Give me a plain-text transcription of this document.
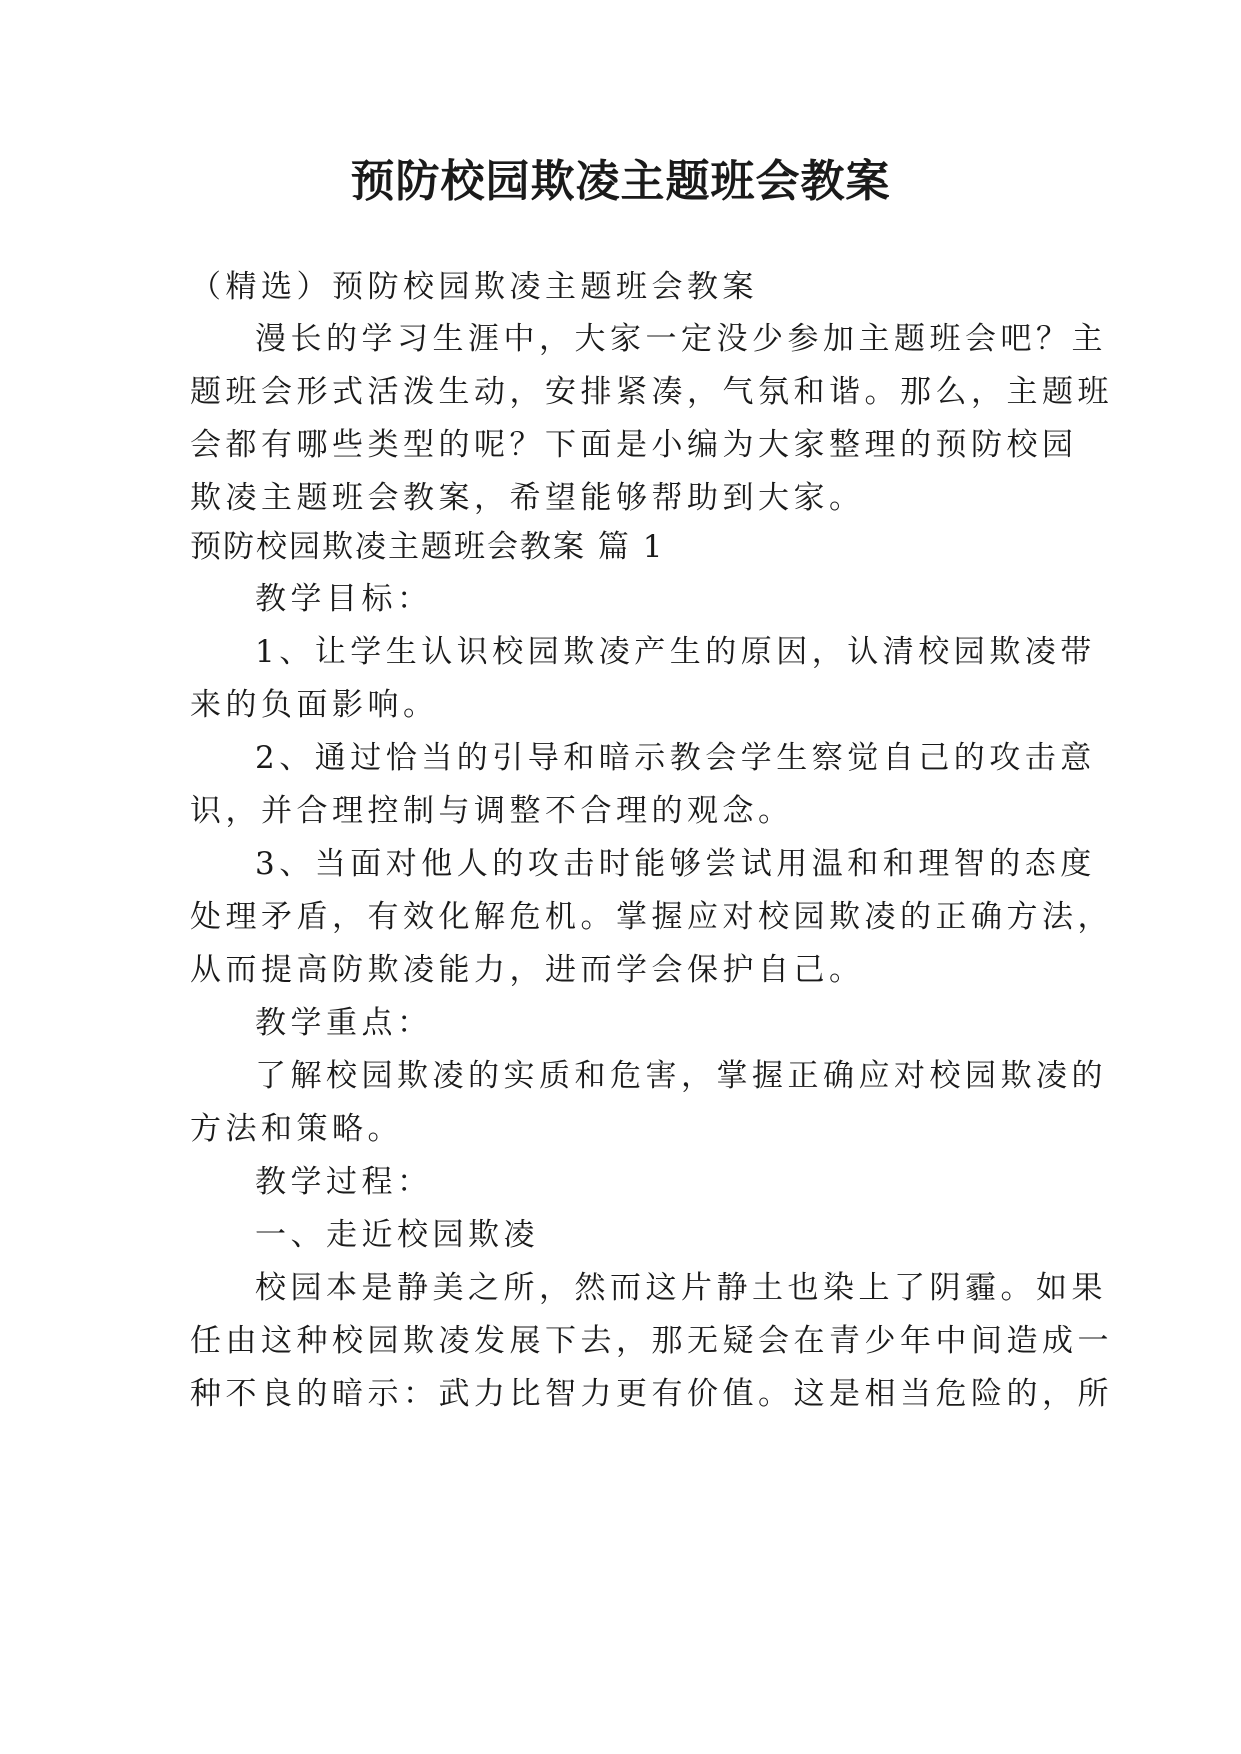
预防校园欺凌主题班会教案

（精选）预防校园欺凌主题班会教案

漫长的学习生涯中，大家一定没少参加主题班会吧？主

题班会形式活泼生动，安排紧凑，气氛和谐。那么，主题班

会都有哪些类型的呢？下面是小编为大家整理的预防校园

欺凌主题班会教案，希望能够帮助到大家。

预防校园欺凌主题班会教案 篇 1

教学目标：

1、让学生认识校园欺凌产生的原因，认清校园欺凌带

来的负面影响。

2、通过恰当的引导和暗示教会学生察觉自己的攻击意

识，并合理控制与调整不合理的观念。

3、当面对他人的攻击时能够尝试用温和和理智的态度

处理矛盾，有效化解危机。掌握应对校园欺凌的正确方法，

从而提高防欺凌能力，进而学会保护自己。

教学重点：

了解校园欺凌的实质和危害，掌握正确应对校园欺凌的

方法和策略。

教学过程：

一、走近校园欺凌

校园本是静美之所，然而这片静土也染上了阴霾。如果

任由这种校园欺凌发展下去，那无疑会在青少年中间造成一

种不良的暗示：武力比智力更有价值。这是相当危险的，所
